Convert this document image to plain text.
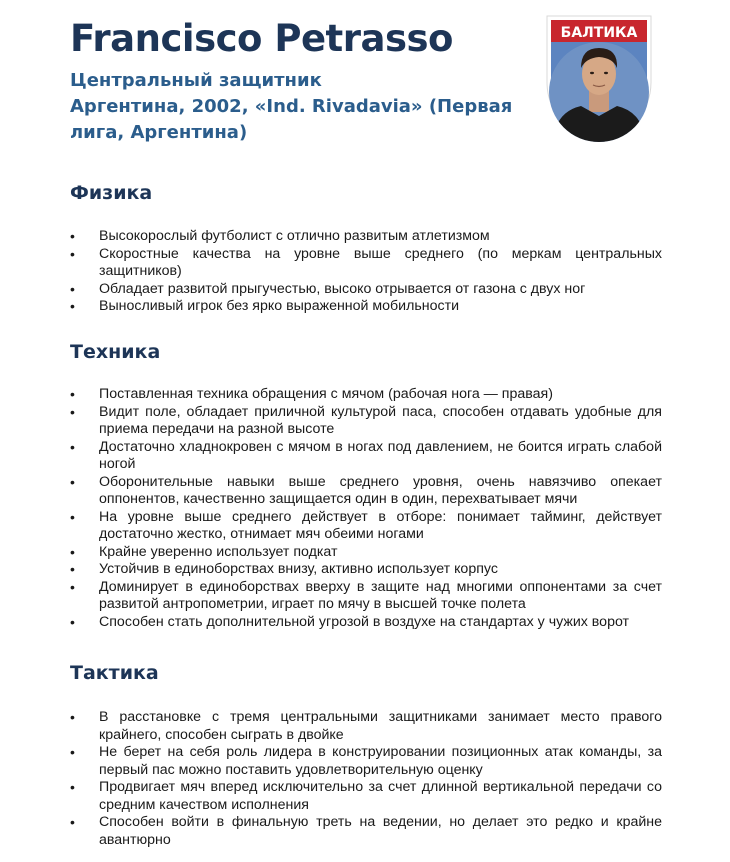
Francisco Petrasso
Центральный защитник
Аргентина, 2002, «Ind. Rivadavia» (Первая лига, Аргентина)
БАЛТИКА
Физика
• Высокорослый футболист с отлично развитым атлетизмом
• Скоростные качества на уровне выше среднего (по меркам центральных защитников)
• Обладает развитой прыгучестью, высоко отрывается от газона с двух ног
• Выносливый игрок без ярко выраженной мобильности
Техника
• Поставленная техника обращения с мячом (рабочая нога — правая)
• Видит поле, обладает приличной культурой паса, способен отдавать удобные для приема передачи на разной высоте
• Достаточно хладнокровен с мячом в ногах под давлением, не боится играть слабой ногой
• Оборонительные навыки выше среднего уровня, очень навязчиво опекает оппонентов, качественно защищается один в один, перехватывает мячи
• На уровне выше среднего действует в отборе: понимает тайминг, действует достаточно жестко, отнимает мяч обеими ногами
• Крайне уверенно использует подкат
• Устойчив в единоборствах внизу, активно использует корпус
• Доминирует в единоборствах вверху в защите над многими оппонентами за счет развитой антропометрии, играет по мячу в высшей точке полета
• Способен стать дополнительной угрозой в воздухе на стандартах у чужих ворот
Тактика
• В расстановке с тремя центральными защитниками занимает место правого крайнего, способен сыграть в двойке
• Не берет на себя роль лидера в конструировании позиционных атак команды, за первый пас можно поставить удовлетворительную оценку
• Продвигает мяч вперед исключительно за счет длинной вертикальной передачи со средним качеством исполнения
• Способен войти в финальную треть на ведении, но делает это редко и крайне авантюрно
